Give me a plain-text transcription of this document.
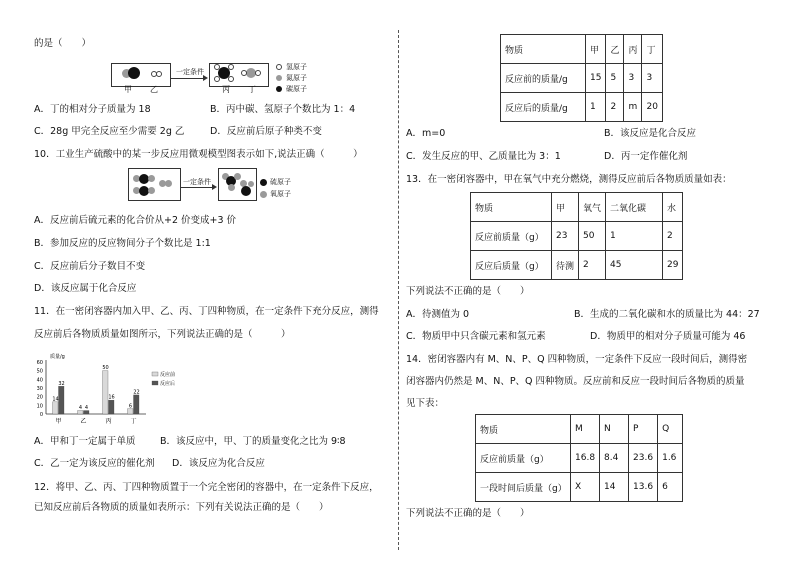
的是（　　）
甲 乙
一定条件
丙 丁
氢原子
氮原子
碳原子
A．丁的相对分子质量为 18	B．丙中碳、氢原子个数比为 1：4
C．28g 甲完全反应至少需要 2g 乙	D．反应前后原子种类不变
10．工业生产硫酸中的某一步反应用微观模型图表示如下,说法正确（　　　）
一定条件	硫原子
氧原子
A．反应前后硫元素的化合价从+2 价变成+3 价
B．参加反应的反应物间分子个数比是 1:1
C．反应前后分子数目不变
D．该反应属于化合反应
11．在一密闭容器内加入甲、乙、丙、丁四种物质，在一定条件下充分反应，测得
反应前后各物质质量如图所示，下列说法正确的是（　　　）
质量/g
0
10
20
30
40
50
60
14
32
甲
4 4
乙
50
16
丙
6
22
丁
反应前
反应后
A．甲和丁一定属于单质	B．该反应中，甲、丁的质量变化之比为 9∶8
C．乙一定为该反应的催化剂 D．该反应为化合反应
12．将甲、乙、丙、丁四种物质置于一个完全密闭的容器中，在一定条件下反应，
已知反应前后各物质的质量如表所示：下列有关说法正确的是（　　）
物质	甲	乙	丙	丁
反应前的质量/g	15	5	3	3
反应后的质量/g	1	2	m	20
A．m=0	B．该反应是化合反应
C．发生反应的甲、乙质量比为 3：1	D．丙一定作催化剂
13．在一密闭容器中，甲在氧气中充分燃烧，测得反应前后各物质质量如表：
物质	甲	氧气	二氧化碳	水
反应前质量（g）	23	50	1	2
反应后质量（g）	待测	2	45	29
下列说法不正确的是（　　）
A．待测值为 0	B．生成的二氧化碳和水的质量比为 44：27
C．物质甲中只含碳元素和氢元素	D．物质甲的相对分子质量可能为 46
14．密闭容器内有 M、N、P、Q 四种物质，一定条件下反应一段时间后，测得密
闭容器内仍然是 M、N、P、Q 四种物质。反应前和反应一段时间后各物质的质量
见下表：
物质	M	N	P	Q
反应前质量（g）	16.8	8.4	23.6	1.6
一段时间后质量（g）	X	14	13.6	6
下列说法不正确的是（　　）
